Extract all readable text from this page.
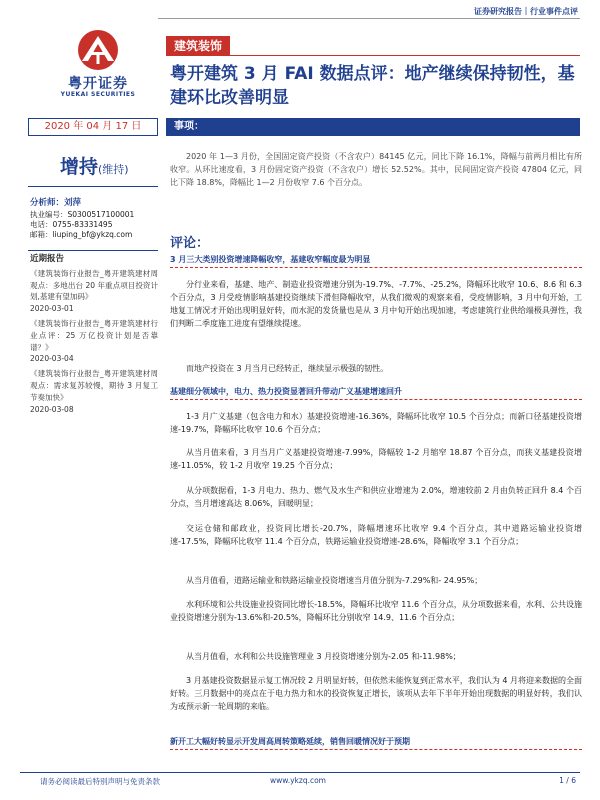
证券研究报告｜行业事件点评
粤开证券
YUEKAI SECURITIES
建筑装饰
粤开建筑 3 月 FAI 数据点评：地产继续保持韧性，基建环比改善明显
2020 年 04 月 17 日	事项：
增持(维持)
分析师：刘萍
执业编号：S0300517100001
电话：0755-83331495
邮箱：liuping_bf@ykzq.com
近期报告
《建筑装饰行业报告_粤开建筑建材周观点：多地出台 20 年重点项目投资计划,基建有望加码》
2020-03-01
《建筑装饰行业报告_粤开建筑建材行业点评：25 万亿投资计划是否靠谱？》
2020-03-04
《建筑装饰行业报告_粤开建筑建材周观点：需求复苏较慢，期待 3 月复工节奏加快》
2020-03-08
2020 年 1—3 月份，全国固定资产投资（不含农户）84145 亿元，同比下降 16.1%，降幅与前两月相比有所收窄。从环比速度看，3 月份固定资产投资（不含农户）增长 52.52%。其中，民间固定资产投资 47804 亿元，同比下降 18.8%，降幅比 1—2 月份收窄 7.6 个百分点。
评论：
3 月三大类别投资增速降幅收窄，基建收窄幅度最为明显
分行业来看，基建、地产、制造业投资增速分别为-19.7%、-7.7%、-25.2%，降幅环比收窄 10.6、8.6 和 6.3 个百分点，3 月受疫情影响基建投资继续下滑但降幅收窄，从我们微观的观察来看，受疫情影响，3 月中旬开始，工地复工情况才开始出现明显好转，而水泥的发货量也是从 3 月中旬开始出现加速，考虑建筑行业供给端极具弹性，我们判断二季度施工进度有望继续提速。
而地产投资在 3 月当月已经转正，继续显示极强的韧性。
基建细分领域中，电力、热力投资显著回升带动广义基建增速回升
1-3 月广义基建（包含电力和水）基建投资增速-16.36%，降幅环比收窄 10.5 个百分点；而新口径基建投资增速-19.7%，降幅环比收窄 10.6 个百分点；
从当月值来看，3 月当月广义基建投资增速-7.99%，降幅较 1-2 月缩窄 18.87 个百分点，而狭义基建投资增速-11.05%，较 1-2 月收窄 19.25 个百分点；
从分项数据看，1-3 月电力、热力、燃气及水生产和供应业增速为 2.0%，增速较前 2 月由负转正回升 8.4 个百分点，当月增速高达 8.06%，回暖明显；
交运仓储和邮政业，投资同比增长-20.7%，降幅增速环比收窄 9.4 个百分点，其中道路运输业投资增速-17.5%，降幅环比收窄 11.4 个百分点，铁路运输业投资增速-28.6%，降幅收窄 3.1 个百分点；
从当月值看，道路运输业和铁路运输业投资增速当月值分别为-7.29%和- 24.95%；
水利环境和公共设施业投资同比增长-18.5%，降幅环比收窄 11.6 个百分点，从分项数据来看，水利、公共设施业投资增速分别为-13.6%和-20.5%，降幅环比分别收窄 14.9、11.6 个百分点；
从当月值看，水利和公共设施管理业 3 月投资增速分别为-2.05 和-11.98%；
3 月基建投资数据显示复工情况较 2 月明显好转，但依然未能恢复到正常水平，我们认为 4 月将迎来数据的全面好转。三月数据中的亮点在于电力热力和水的投资恢复正增长，该项从去年下半年开始出现数据的明显好转，我们认为或预示新一轮周期的来临。
新开工大幅好转显示开发周高周转策略延续，销售回暖情况好于预期
请务必阅读最后特别声明与免责条款	www.ykzq.com	1 / 6
